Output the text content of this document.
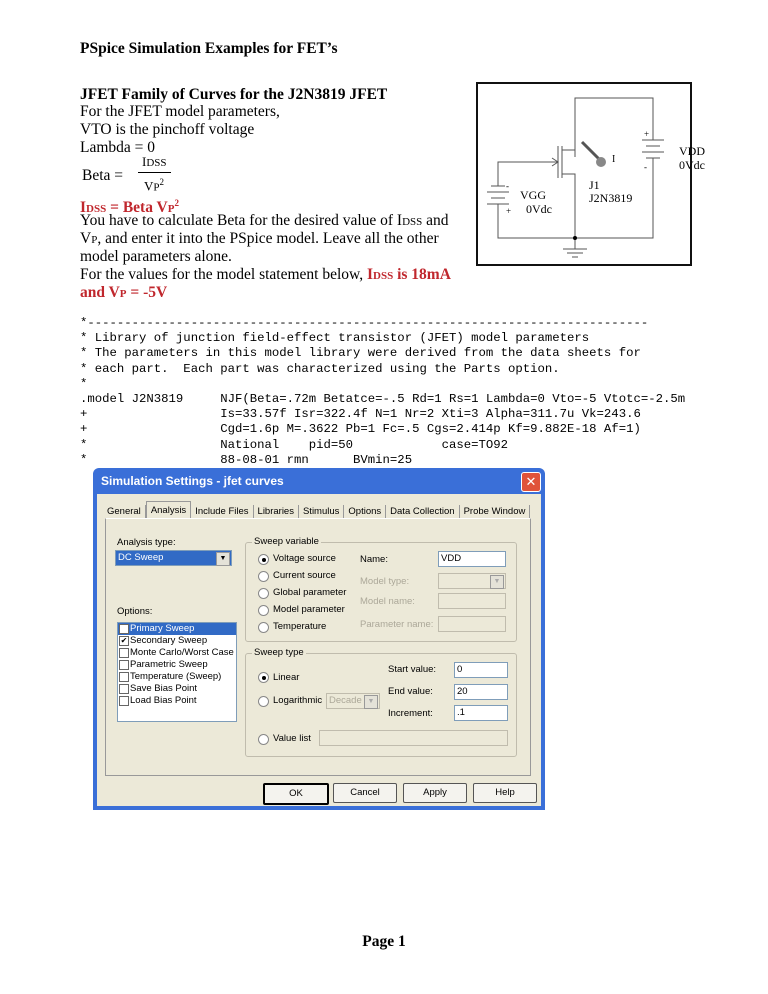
PSpice Simulation Examples for FET’s
JFET Family of Curves for the J2N3819 JFET
For the JFET model parameters,
VTO is the pinchoff voltage
Lambda = 0
Beta =
IDSS
$VP^2$
IDSS = Beta $VP^2$
You have to calculate Beta for the desired value of IDSS and
VP, and enter it into the PSpice model. Leave all the other
model parameters alone.
For the values for the model statement below, IDSS is 18mA
and VP = -5V
I
+
-
-
+
VDD
0Vdc
VGG
0Vdc
J1
J2N3819
*----------------------------------------------------------------------------
* Library of junction field-effect transistor (JFET) model parameters
* The parameters in this model library were derived from the data sheets for
* each part.  Each part was characterized using the Parts option.
*
.model J2N3819     NJF(Beta=.72m Betatce=-.5 Rd=1 Rs=1 Lambda=0 Vto=-5 Vtotc=-2.5m
+                  Is=33.57f Isr=322.4f N=1 Nr=2 Xti=3 Alpha=311.7u Vk=243.6
+                  Cgd=1.6p M=.3622 Pb=1 Fc=.5 Cgs=2.414p Kf=9.882E-18 Af=1)
*                  National    pid=50            case=TO92
*                  88-08-01 rmn      BVmin=25
Simulation Settings - jfet curves	✕
General	Analysis Include Files Libraries Stimulus Options Data Collection Probe Window
Analysis type:
DC Sweep	▼
Options:
✔ Primary Sweep
✔ Secondary Sweep
Monte Carlo/Worst Case
Parametric Sweep
Temperature (Sweep)
Save Bias Point
Load Bias Point
Sweep variable
Voltage source
Current source
Global parameter
Model parameter
Temperature
Name:	VDD
Model type:	▼
Model name:
Parameter name:
Sweep type
Linear
Logarithmic Decade ▼
Value list
Start value:	0
End value:	20
Increment:	.1
OK	Cancel	Apply	Help
Page 1
